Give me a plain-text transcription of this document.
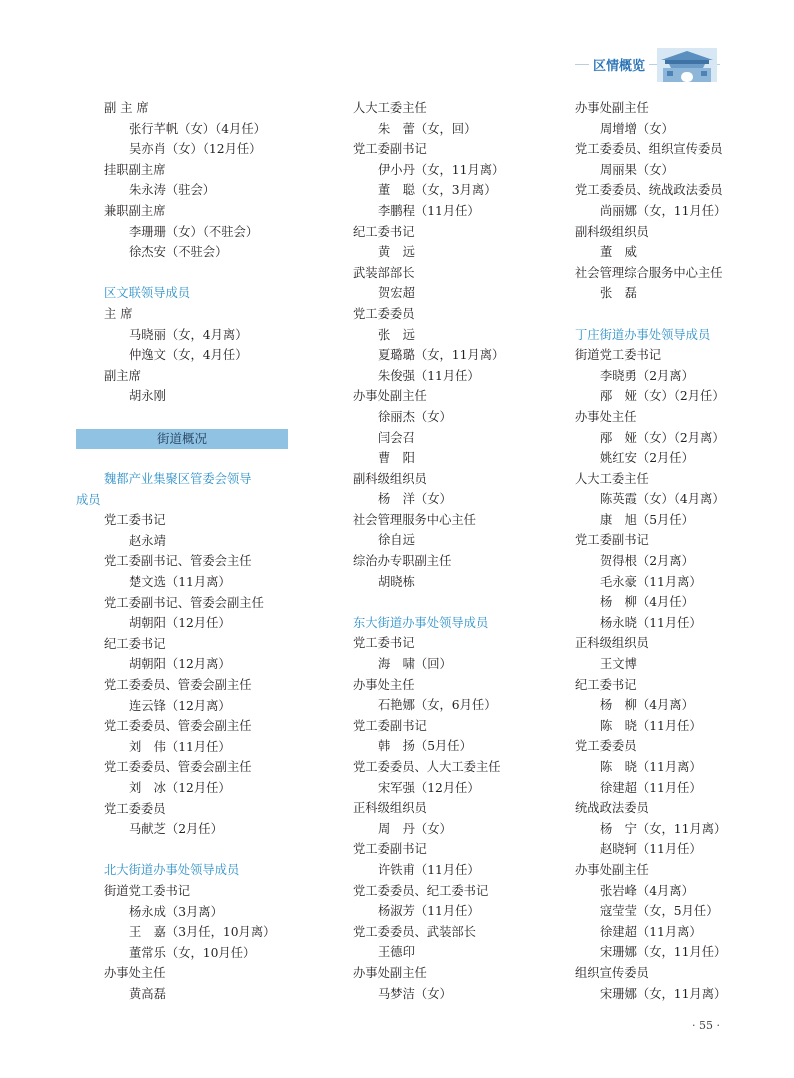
区情概览
副 主 席
张行芊帆（女）（4月任）
吴亦肖（女）（12月任）
挂职副主席
朱永涛（驻会）
兼职副主席
李珊珊（女）（不驻会）
徐杰安（不驻会）
区文联领导成员
主 席
马晓丽（女，4月离）
仲逸文（女，4月任）
副主席
胡永刚
街道概况
魏都产业集聚区管委会领导
成员
党工委书记
赵永靖
党工委副书记、管委会主任
楚文选（11月离）
党工委副书记、管委会副主任
胡朝阳（12月任）
纪工委书记
胡朝阳（12月离）
党工委委员、管委会副主任
连云锋（12月离）
党工委委员、管委会副主任
刘　伟（11月任）
党工委委员、管委会副主任
刘　冰（12月任）
党工委委员
马献芝（2月任）
北大街道办事处领导成员
街道党工委书记
杨永成（3月离）
王　嘉（3月任，10月离）
董常乐（女，10月任）
办事处主任
黄高磊
人大工委主任
朱　蕾（女，回）
党工委副书记
伊小丹（女，11月离）
董　聪（女，3月离）
李鹏程（11月任）
纪工委书记
黄　远
武装部部长
贺宏超
党工委委员
张　远
夏璐璐（女，11月离）
朱俊强（11月任）
办事处副主任
徐丽杰（女）
闫会召
曹　阳
副科级组织员
杨　洋（女）
社会管理服务中心主任
徐自远
综治办专职副主任
胡晓栋
东大街道办事处领导成员
党工委书记
海　啸（回）
办事处主任
石艳娜（女，6月任）
党工委副书记
韩　扬（5月任）
党工委委员、人大工委主任
宋军强（12月任）
正科级组织员
周　丹（女）
党工委副书记
许铁甫（11月任）
党工委委员、纪工委书记
杨淑芳（11月任）
党工委委员、武装部长
王德印
办事处副主任
马梦洁（女）
办事处副主任
周增增（女）
党工委委员、组织宣传委员
周丽果（女）
党工委委员、统战政法委员
尚丽娜（女，11月任）
副科级组织员
董　威
社会管理综合服务中心主任
张　磊
丁庄街道办事处领导成员
街道党工委书记
李晓勇（2月离）
邴　娅（女）（2月任）
办事处主任
邴　娅（女）（2月离）
姚红安（2月任）
人大工委主任
陈英霞（女）（4月离）
康　旭（5月任）
党工委副书记
贺得根（2月离）
毛永豪（11月离）
杨　柳（4月任）
杨永晓（11月任）
正科级组织员
王文博
纪工委书记
杨　柳（4月离）
陈　晓（11月任）
党工委委员
陈　晓（11月离）
徐建超（11月任）
统战政法委员
杨　宁（女，11月离）
赵晓轲（11月任）
办事处副主任
张岩峰（4月离）
寇莹莹（女，5月任）
徐建超（11月离）
宋珊娜（女，11月任）
组织宣传委员
宋珊娜（女，11月离）
· 55 ·
